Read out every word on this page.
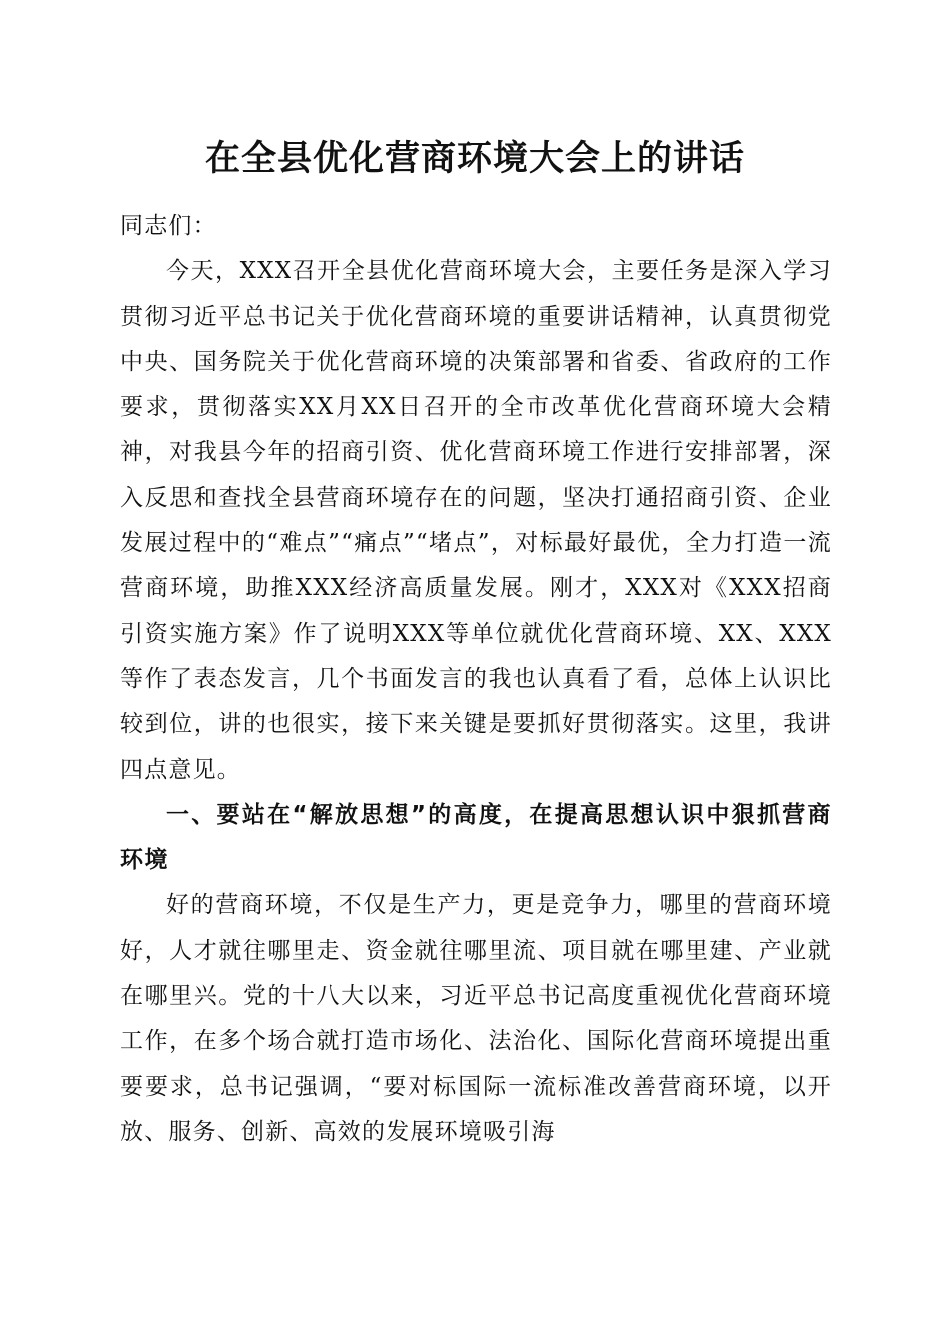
在全县优化营商环境大会上的讲话

同志们：

今天，XXX召开全县优化营商环境大会，主要任务是深入学习贯彻习近平总书记关于优化营商环境的重要讲话精神，认真贯彻党中央、国务院关于优化营商环境的决策部署和省委、省政府的工作要求，贯彻落实XX月XX日召开的全市改革优化营商环境大会精神，对我县今年的招商引资、优化营商环境工作进行安排部署，深入反思和查找全县营商环境存在的问题，坚决打通招商引资、企业发展过程中的“难点”“痛点”“堵点”，对标最好最优，全力打造一流营商环境，助推XXX经济高质量发展。刚才，XXX对《XXX招商引资实施方案》作了说明XXX等单位就优化营商环境、XX、XXX等作了表态发言，几个书面发言的我也认真看了看，总体上认识比较到位，讲的也很实，接下来关键是要抓好贯彻落实。这里，我讲四点意见。

一、要站在“解放思想”的高度，在提高思想认识中狠抓营商环境

好的营商环境，不仅是生产力，更是竞争力，哪里的营商环境好，人才就往哪里走、资金就往哪里流、项目就在哪里建、产业就在哪里兴。党的十八大以来，习近平总书记高度重视优化营商环境工作，在多个场合就打造市场化、法治化、国际化营商环境提出重要要求，总书记强调，“要对标国际一流标准改善营商环境，以开放、服务、创新、高效的发展环境吸引海
